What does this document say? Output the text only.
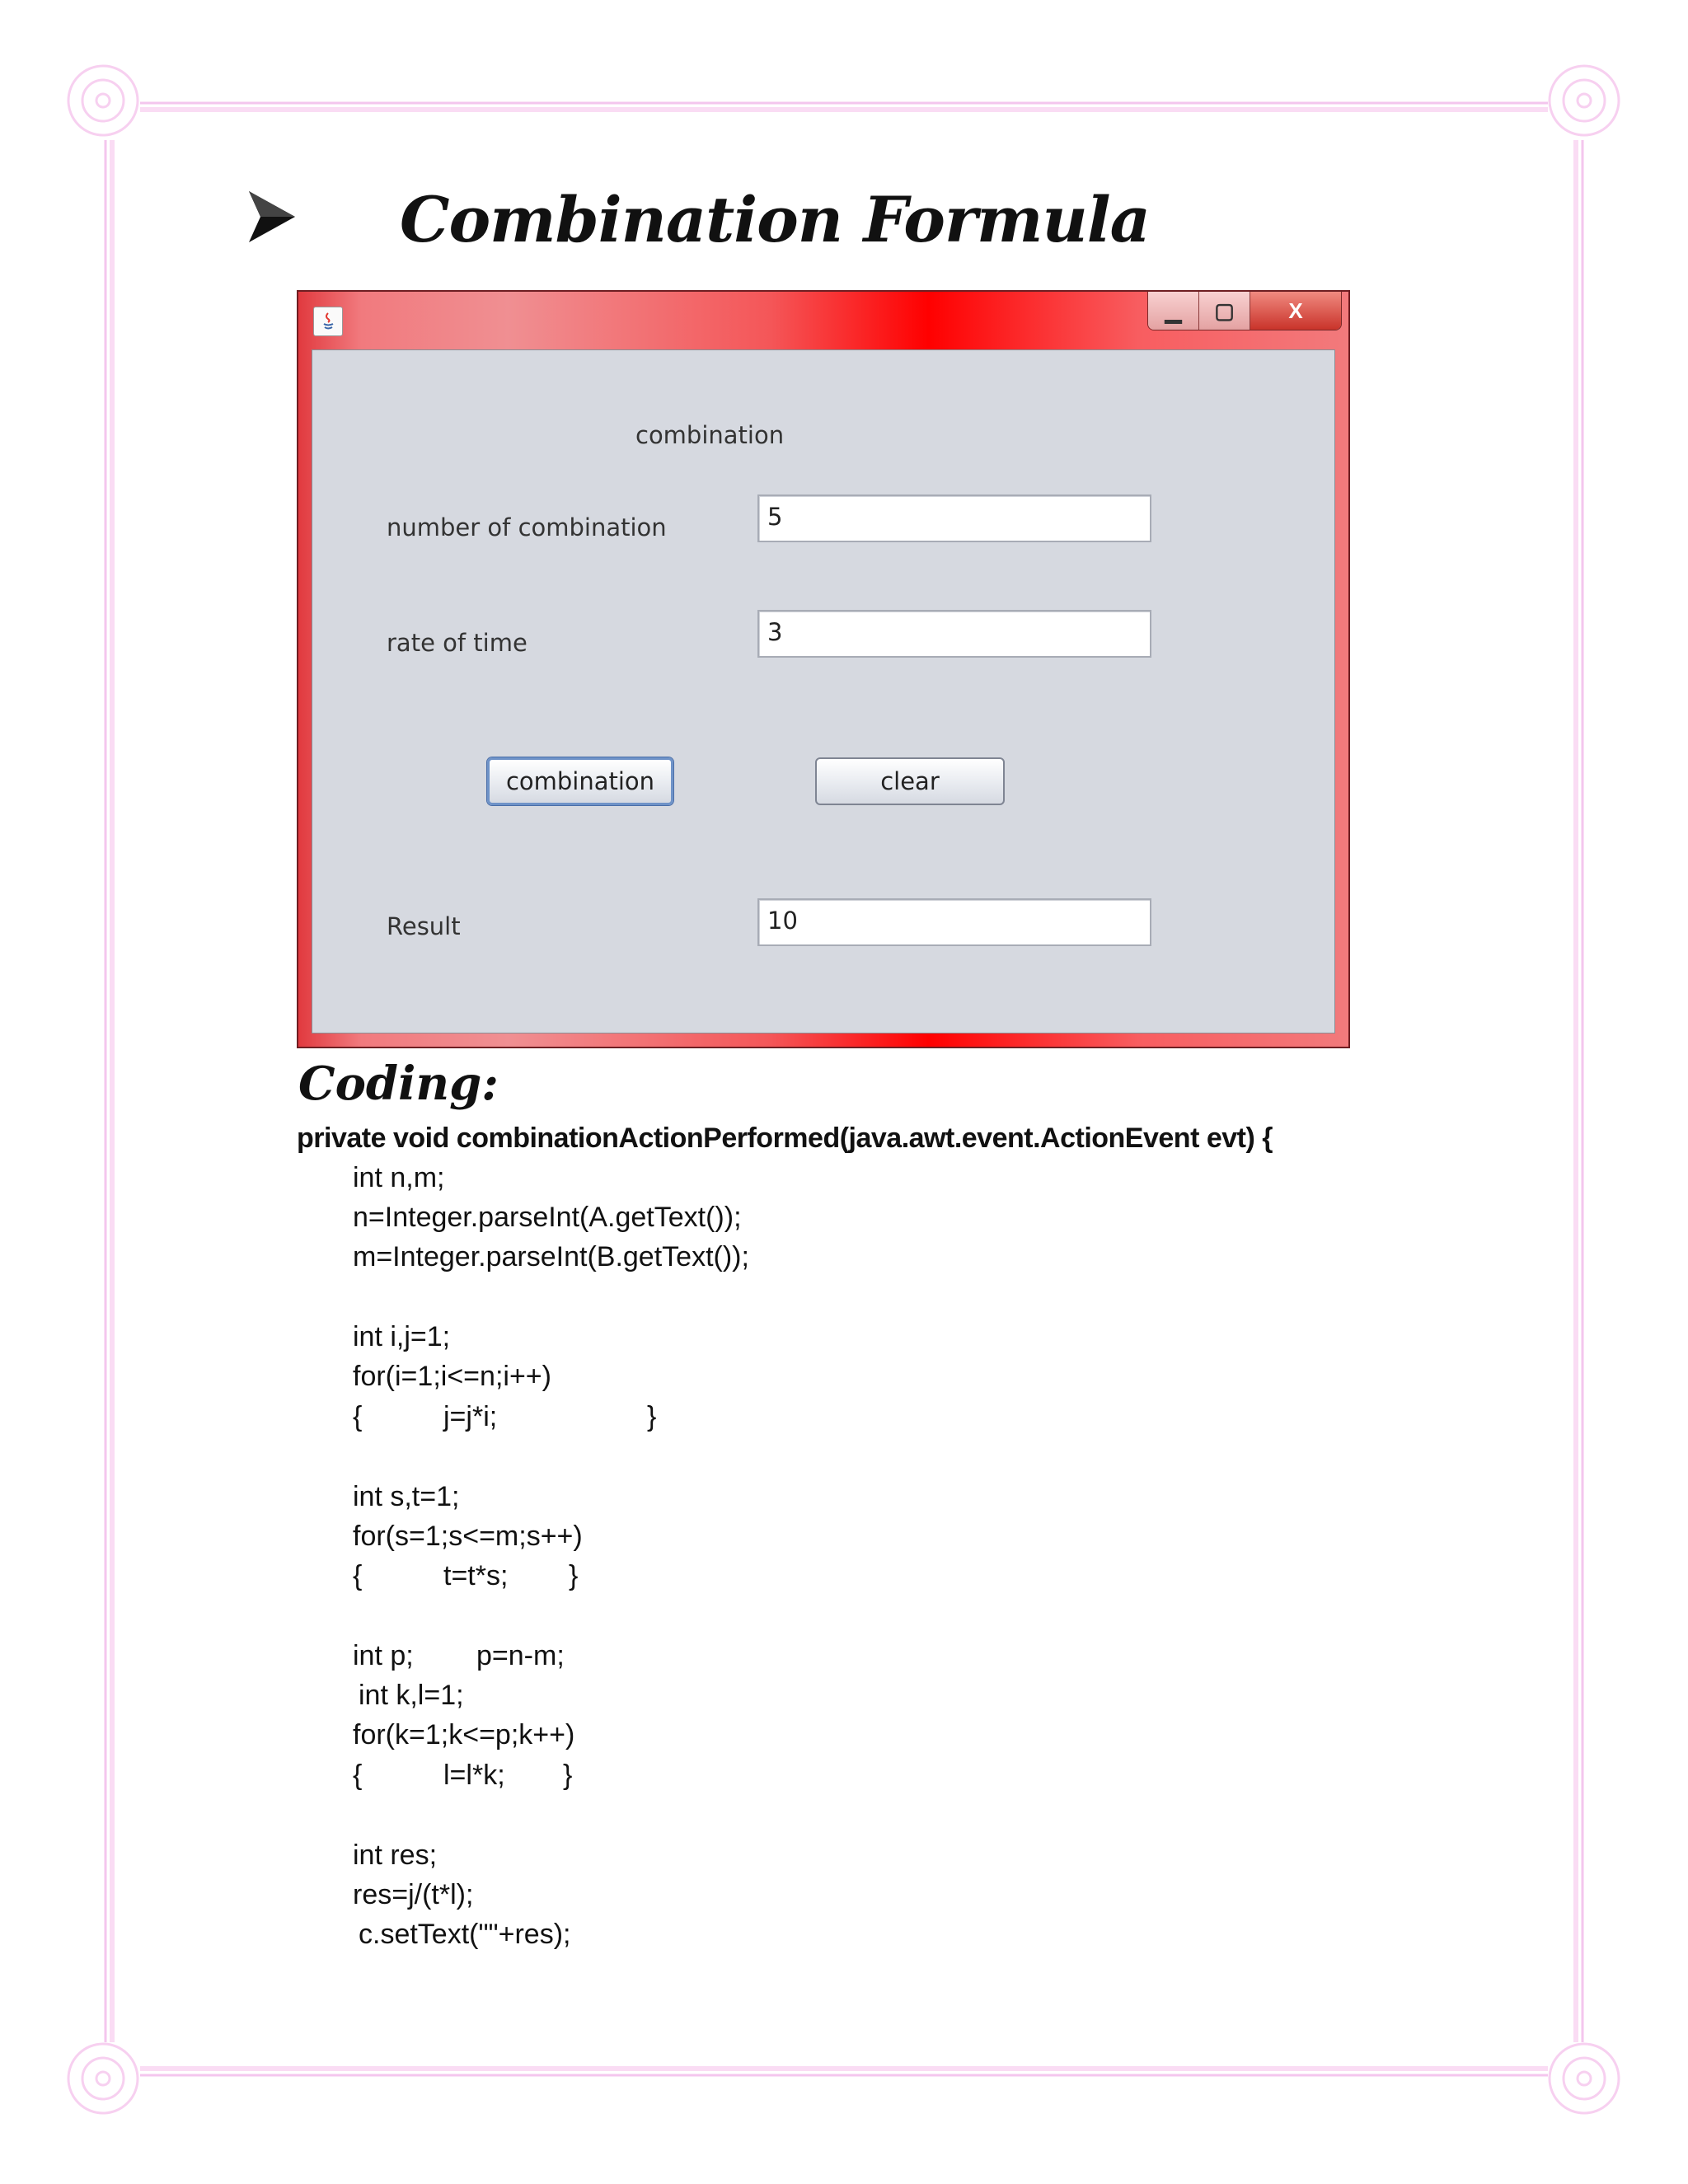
Combination Formula
▁ ▢	X
combination
number of combination	5
rate of time	3
combination	clear
Result	10
Coding:
private void combinationActionPerformed(java.awt.event.ActionEvent evt) {
int n,m;
n=Integer.parseInt(A.getText());
m=Integer.parseInt(B.getText());
int i,j=1;
for(i=1;i<=n;i++)
{	j=j*i;	}
int s,t=1;
for(s=1;s<=m;s++)
{	t=t*s; }
int p; p=n-m;
int k,l=1;
for(k=1;k<=p;k++)
{	l=l*k; }
int res;
res=j/(t*l);
c.setText(""+res);
